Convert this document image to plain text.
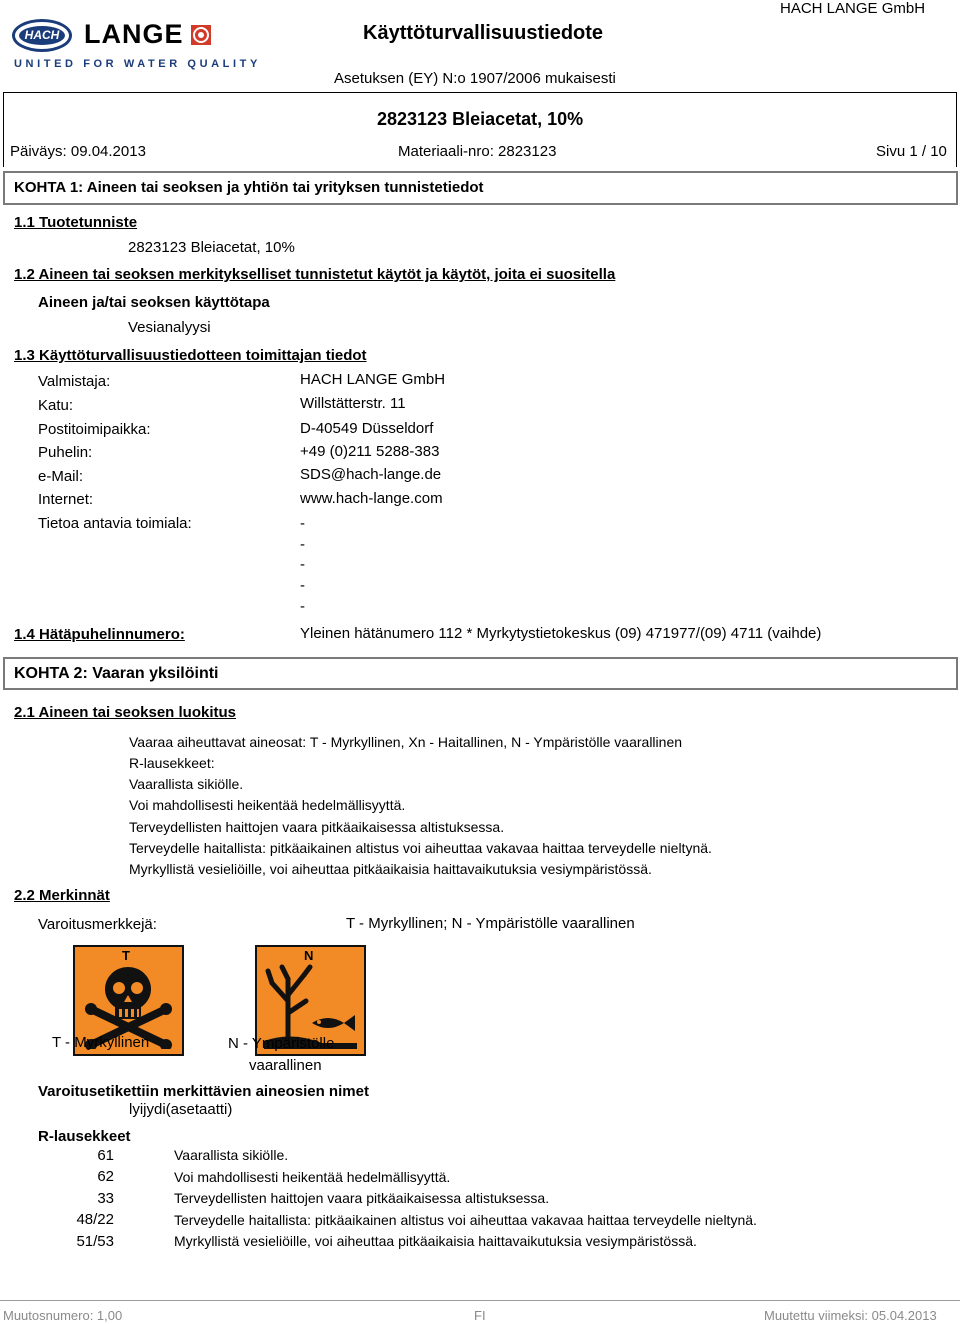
HACH LANGE
UNITED FOR WATER QUALITY
Käyttöturvallisuustiedote
HACH LANGE GmbH
Asetuksen (EY) N:o 1907/2006 mukaisesti
2823123 Bleiacetat, 10%
Päiväys: 09.04.2013	Materiaali-nro: 2823123	Sivu 1 / 10
KOHTA 1: Aineen tai seoksen ja yhtiön tai yrityksen tunnistetiedot
1.1 Tuotetunniste
2823123 Bleiacetat, 10%
1.2 Aineen tai seoksen merkitykselliset tunnistetut käytöt ja käytöt, joita ei suositella
Aineen ja/tai seoksen käyttötapa
Vesianalyysi
1.3 Käyttöturvallisuustiedotteen toimittajan tiedot
Valmistaja:	HACH LANGE GmbH
Katu:	Willstätterstr. 11
Postitoimipaikka:	D-40549 Düsseldorf
Puhelin:	+49 (0)211 5288-383
e-Mail:	SDS@hach-lange.de
Internet:	www.hach-lange.com
Tietoa antavia toimiala:	-
-
-
-
-
1.4 Hätäpuhelinnumero:	Yleinen hätänumero 112 * Myrkytystietokeskus (09) 471977/(09) 4711 (vaihde)
KOHTA 2: Vaaran yksilöinti
2.1 Aineen tai seoksen luokitus
Vaaraa aiheuttavat aineosat: T - Myrkyllinen, Xn - Haitallinen, N - Ympäristölle vaarallinen
R-lausekkeet:
Vaarallista sikiölle.
Voi mahdollisesti heikentää hedelmällisyyttä.
Terveydellisten haittojen vaara pitkäaikaisessa altistuksessa.
Terveydelle haitallista: pitkäaikainen altistus voi aiheuttaa vakavaa haittaa terveydelle nieltynä.
Myrkyllistä vesieliöille, voi aiheuttaa pitkäaikaisia haittavaikutuksia vesiympäristössä.
2.2 Merkinnät
Varoitusmerkkejä:	T - Myrkyllinen; N - Ympäristölle vaarallinen
T
T - Myrkyllinen
N
N - Ympäristölle
vaarallinen
Varoitusetikettiin merkittävien aineosien nimet
lyijydi(asetaatti)
R-lausekkeet
61	Vaarallista sikiölle.
62	Voi mahdollisesti heikentää hedelmällisyyttä.
33	Terveydellisten haittojen vaara pitkäaikaisessa altistuksessa.
48/22	Terveydelle haitallista: pitkäaikainen altistus voi aiheuttaa vakavaa haittaa terveydelle nieltynä.
51/53	Myrkyllistä vesieliöille, voi aiheuttaa pitkäaikaisia haittavaikutuksia vesiympäristössä.
Muutosnumero: 1,00	FI	Muutettu viimeksi: 05.04.2013
